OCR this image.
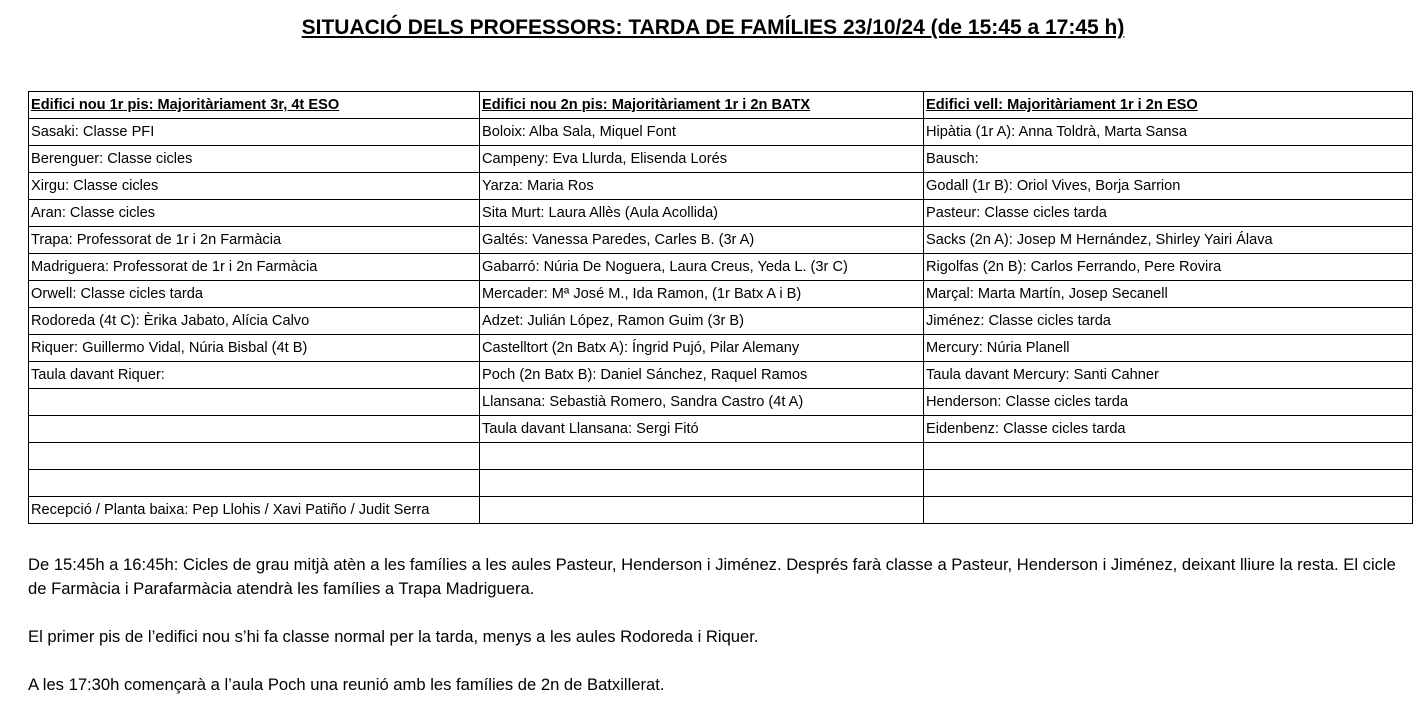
SITUACIÓ DELS PROFESSORS: TARDA DE FAMÍLIES 23/10/24 (de 15:45 a 17:45 h)
Edifici nou 1r pis: Majoritàriament 3r, 4t ESO	Edifici nou 2n pis: Majoritàriament 1r i 2n BATX	Edifici vell: Majoritàriament 1r i 2n ESO
Sasaki: Classe PFI	Boloix: Alba Sala, Miquel Font	Hipàtia (1r A): Anna Toldrà, Marta Sansa
Berenguer: Classe cicles	Campeny: Eva Llurda, Elisenda Lorés	Bausch:
Xirgu: Classe cicles	Yarza: Maria Ros	Godall (1r B): Oriol Vives, Borja Sarrion
Aran: Classe cicles	Sita Murt: Laura Allès (Aula Acollida)	Pasteur: Classe cicles tarda
Trapa: Professorat de 1r i 2n Farmàcia	Galtés: Vanessa Paredes, Carles B. (3r A)	Sacks (2n A): Josep M Hernández, Shirley Yairi Álava
Madriguera: Professorat de 1r i 2n Farmàcia	Gabarró: Núria De Noguera, Laura Creus, Yeda L. (3r C)	Rigolfas (2n B): Carlos Ferrando, Pere Rovira
Orwell: Classe cicles tarda	Mercader: Mª José M., Ida Ramon, (1r Batx A i B)	Marçal: Marta Martín, Josep Secanell
Rodoreda (4t C): Èrika Jabato, Alícia Calvo	Adzet: Julián López, Ramon Guim (3r B)	Jiménez: Classe cicles tarda
Riquer: Guillermo Vidal, Núria Bisbal (4t B)	Castelltort (2n Batx A): Íngrid Pujó, Pilar Alemany	Mercury: Núria Planell
Taula davant Riquer:	Poch (2n Batx B): Daniel Sánchez, Raquel Ramos	Taula davant Mercury: Santi Cahner
	Llansana: Sebastià Romero, Sandra Castro (4t A)	Henderson: Classe cicles tarda
	Taula davant Llansana: Sergi Fitó	Eidenbenz: Classe cicles tarda

Recepció / Planta baixa: Pep Llohis / Xavi Patiño / Judit Serra		

De 15:45h a 16:45h: Cicles de grau mitjà atèn a les famílies a les aules Pasteur, Henderson i Jiménez. Després farà classe a Pasteur, Henderson i Jiménez, deixant lliure la resta. El cicle de Farmàcia i Parafarmàcia atendrà les famílies a Trapa Madriguera.

El primer pis de l’edifici nou s’hi fa classe normal per la tarda, menys a les aules Rodoreda i Riquer.

A les 17:30h començarà a l’aula Poch una reunió amb les famílies de 2n de Batxillerat.
